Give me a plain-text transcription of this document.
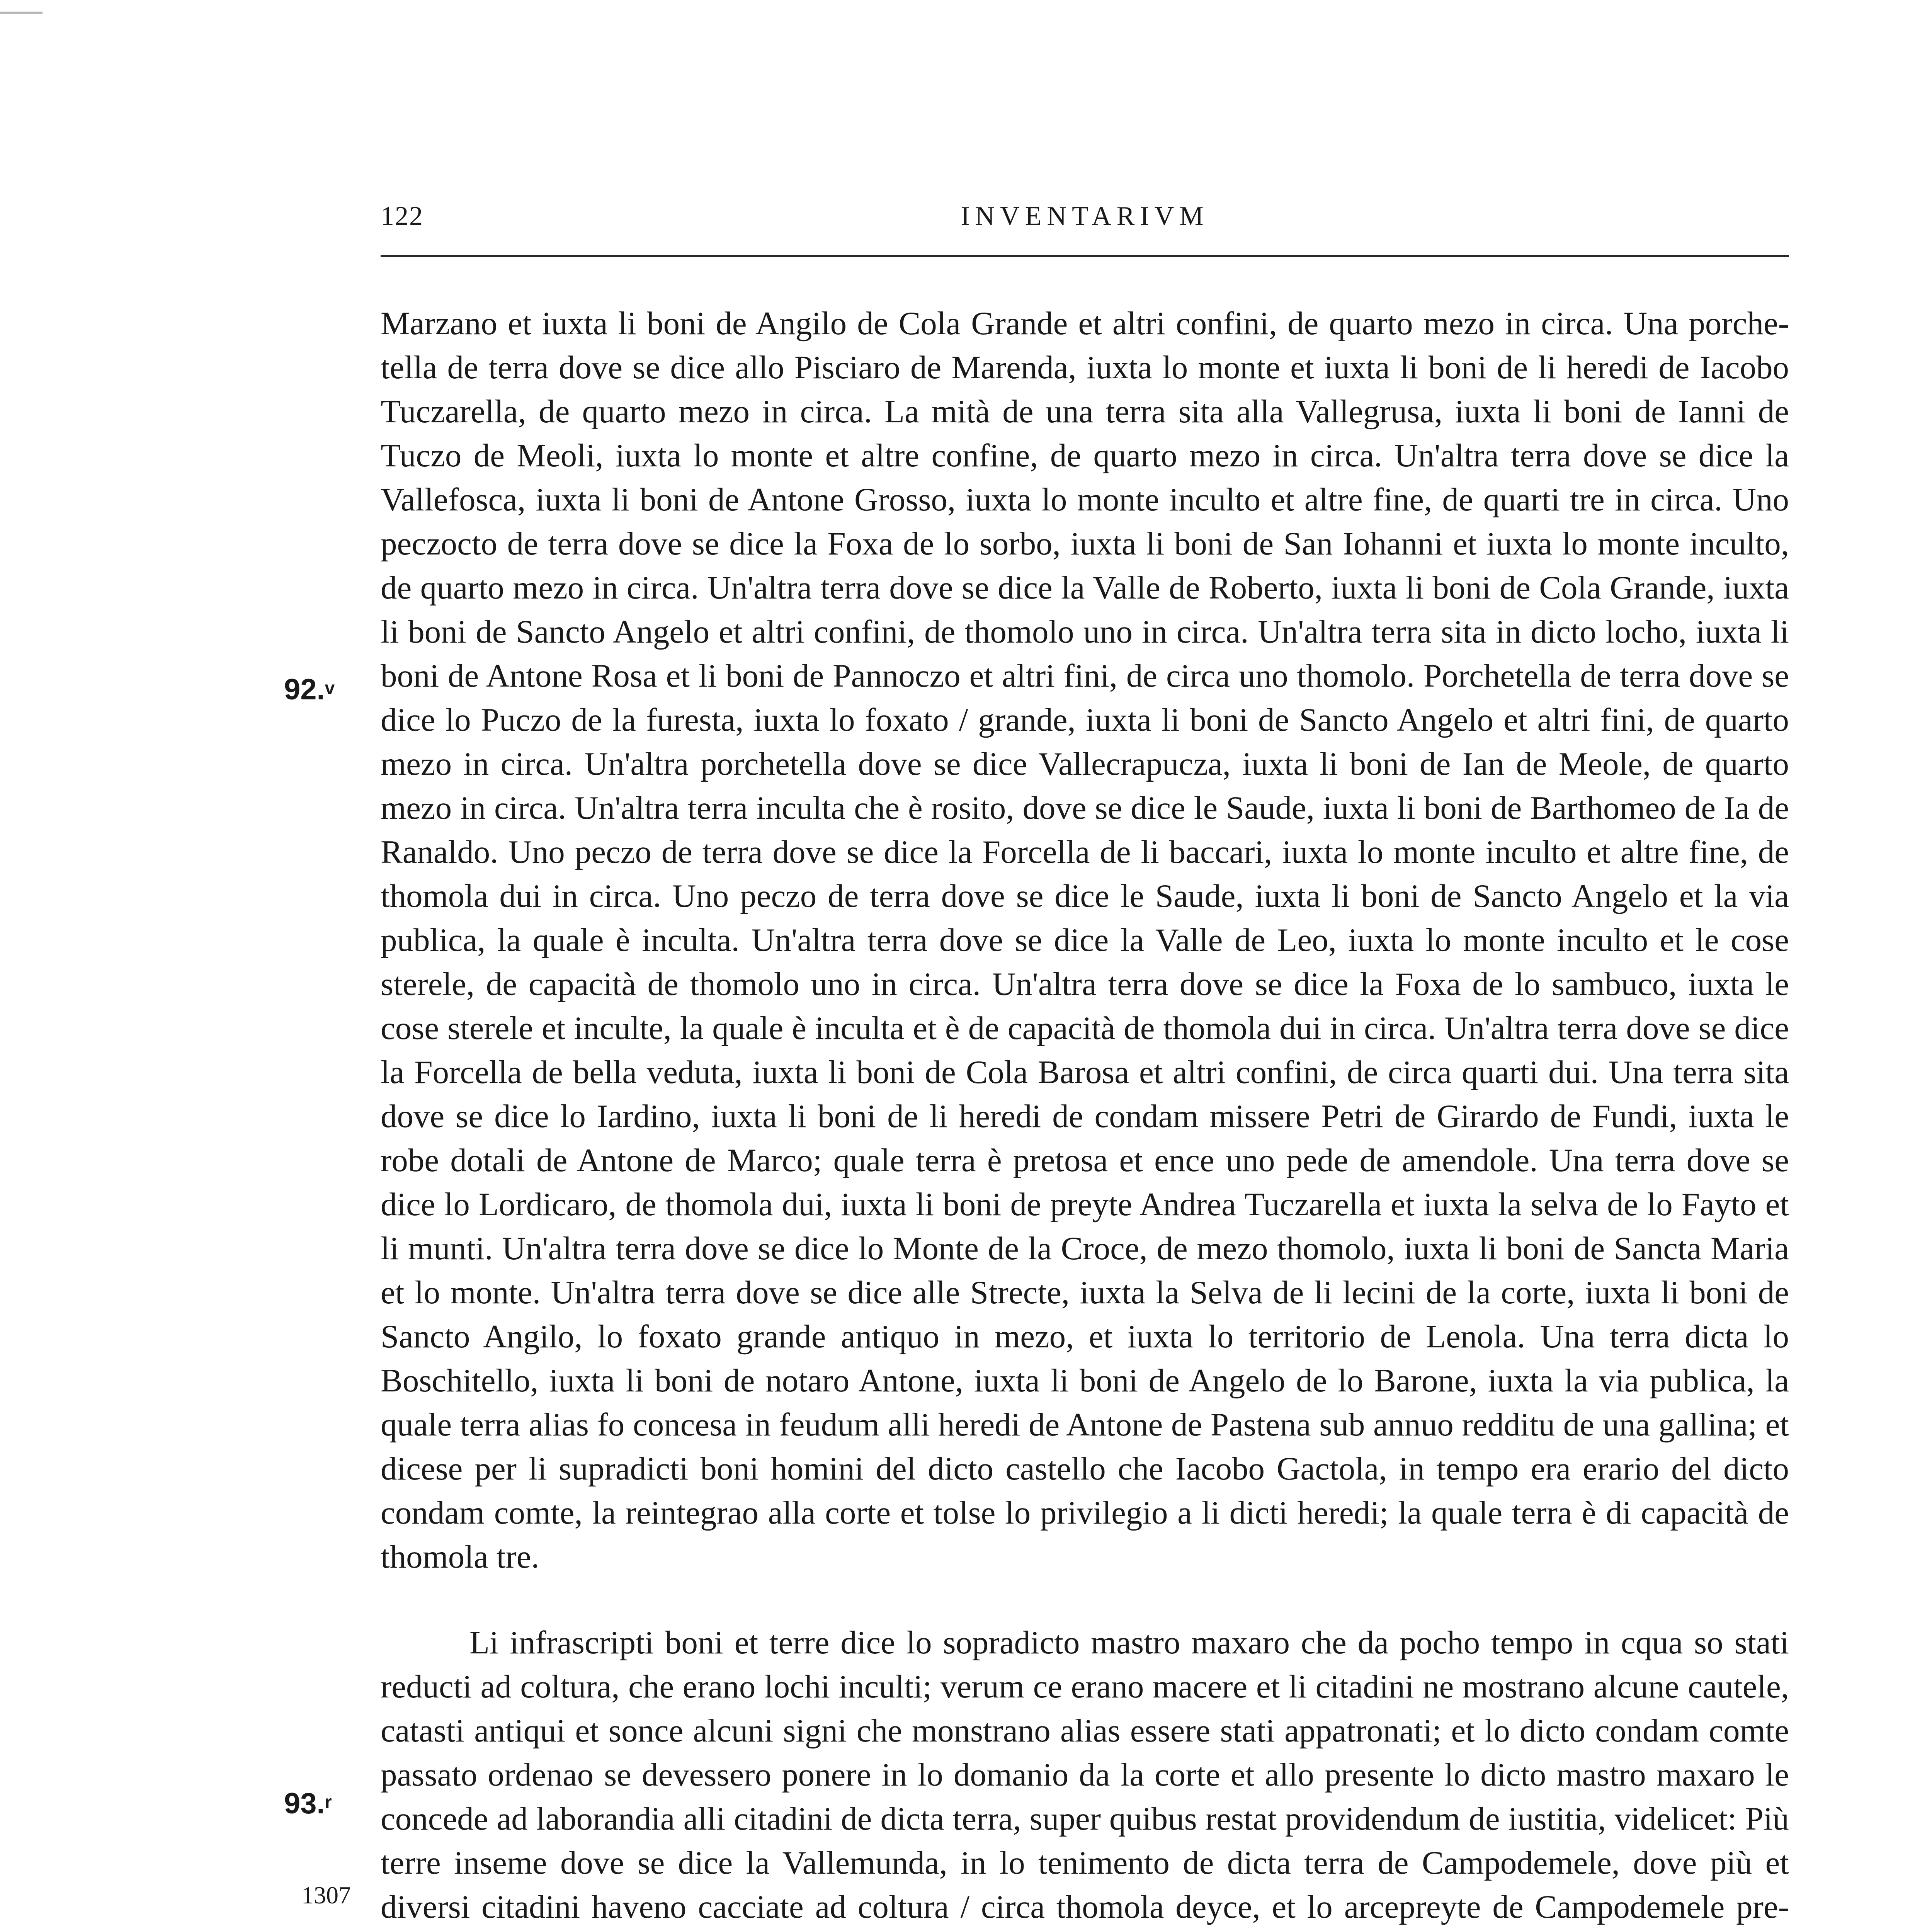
122	INVENTARIVM
92.$^v$
93.$^r$
1307

Marzano et iuxta li boni de Angilo de Cola Grande et altri confini, de quarto mezo in circa. Una porchetella de terra dove se dice allo Pisciaro de Marenda, iuxta lo monte et iuxta li boni de li heredi de Iacobo Tuczarella, de quarto mezo in circa. La mità de una terra sita alla Vallegrusa, iuxta li boni de Ianni de Tuczo de Meoli, iuxta lo monte et altre confine, de quarto mezo in circa. Un'altra terra dove se dice la Vallefosca, iuxta li boni de Antone Grosso, iuxta lo monte inculto et altre fine, de quarti tre in circa. Uno peczocto de terra dove se dice la Foxa de lo sorbo, iuxta li boni de San Iohanni et iuxta lo monte inculto, de quarto mezo in circa. Un'altra terra dove se dice la Valle de Roberto, iuxta li boni de Cola Grande, iuxta li boni de Sancto Angelo et altri confini, de thomolo uno in circa. Un'altra terra sita in dicto locho, iuxta li boni de Antone Rosa et li boni de Pannoczo et altri fini, de circa uno thomolo. Porchetella de terra dove se dice lo Puczo de la furesta, iuxta lo foxato / grande, iuxta li boni de Sancto Angelo et altri fini, de quarto mezo in circa. Un'altra porchetella dove se dice Vallecrapucza, iuxta li boni de Ian de Meole, de quarto mezo in circa. Un'altra terra inculta che è rosito, dove se dice le Saude, iuxta li boni de Barthomeo de Ia de Ranaldo. Uno peczo de terra dove se dice la Forcella de li baccari, iuxta lo monte inculto et altre fine, de thomola dui in circa. Uno peczo de terra dove se dice le Saude, iuxta li boni de Sancto Angelo et la via publica, la quale è inculta. Un'altra terra dove se dice la Valle de Leo, iuxta lo monte inculto et le cose sterele, de capacità de thomolo uno in circa. Un'altra terra dove se dice la Foxa de lo sambuco, iuxta le cose sterele et inculte, la quale è inculta et è de capacità de thomola dui in circa. Un'altra terra dove se dice la Forcella de bella veduta, iuxta li boni de Cola Barosa et altri confini, de circa quarti dui. Una terra sita dove se dice lo Iardino, iuxta li boni de li heredi de condam missere Petri de Girardo de Fundi, iuxta le robe dotali de Antone de Marco; quale terra è pretosa et ence uno pede de amendole. Una terra dove se dice lo Lordicaro, de thomola dui, iuxta li boni de preyte Andrea Tuczarella et iuxta la selva de lo Fayto et li munti. Un'altra terra dove se dice lo Monte de la Croce, de mezo thomolo, iuxta li boni de Sancta Maria et lo monte. Un'altra terra dove se dice alle Strecte, iuxta la Selva de li lecini de la corte, iuxta li boni de Sancto Angilo, lo foxato grande antiquo in mezo, et iuxta lo territorio de Lenola. Una terra dicta lo Boschitello, iuxta li boni de notaro Antone, iuxta li boni de Angelo de lo Barone, iuxta la via publica, la quale terra alias fo concesa in feudum alli heredi de Antone de Pastena sub annuo redditu de una gallina; et dicese per li supradicti boni homini del dicto castello che Iacobo Gactola, in tempo era erario del dicto condam comte, la reintegrao alla corte et tolse lo privilegio a li dicti heredi; la quale terra è di capacità de thomola tre.

Li infrascripti boni et terre dice lo sopradicto mastro maxaro che da pocho tempo in cqua so stati reducti ad coltura, che erano lochi inculti; verum ce erano macere et li citadini ne mostrano alcune cautele, catasti antiqui et sonce alcuni signi che monstrano alias essere stati appatronati; et lo dicto condam comte passato ordenao se devessero ponere in lo domanio da la corte et allo presente lo dicto mastro maxaro le concede ad laborandia alli citadini de dicta terra, super quibus restat providendum de iustitia, videlicet: Più terre inseme dove se dice la Vallemunda, in lo tenimento de dicta terra de Campodemele, dove più et diversi citadini haveno cacciate ad coltura / circa thomola deyce, et lo arcepreyte de Campodemele pre
